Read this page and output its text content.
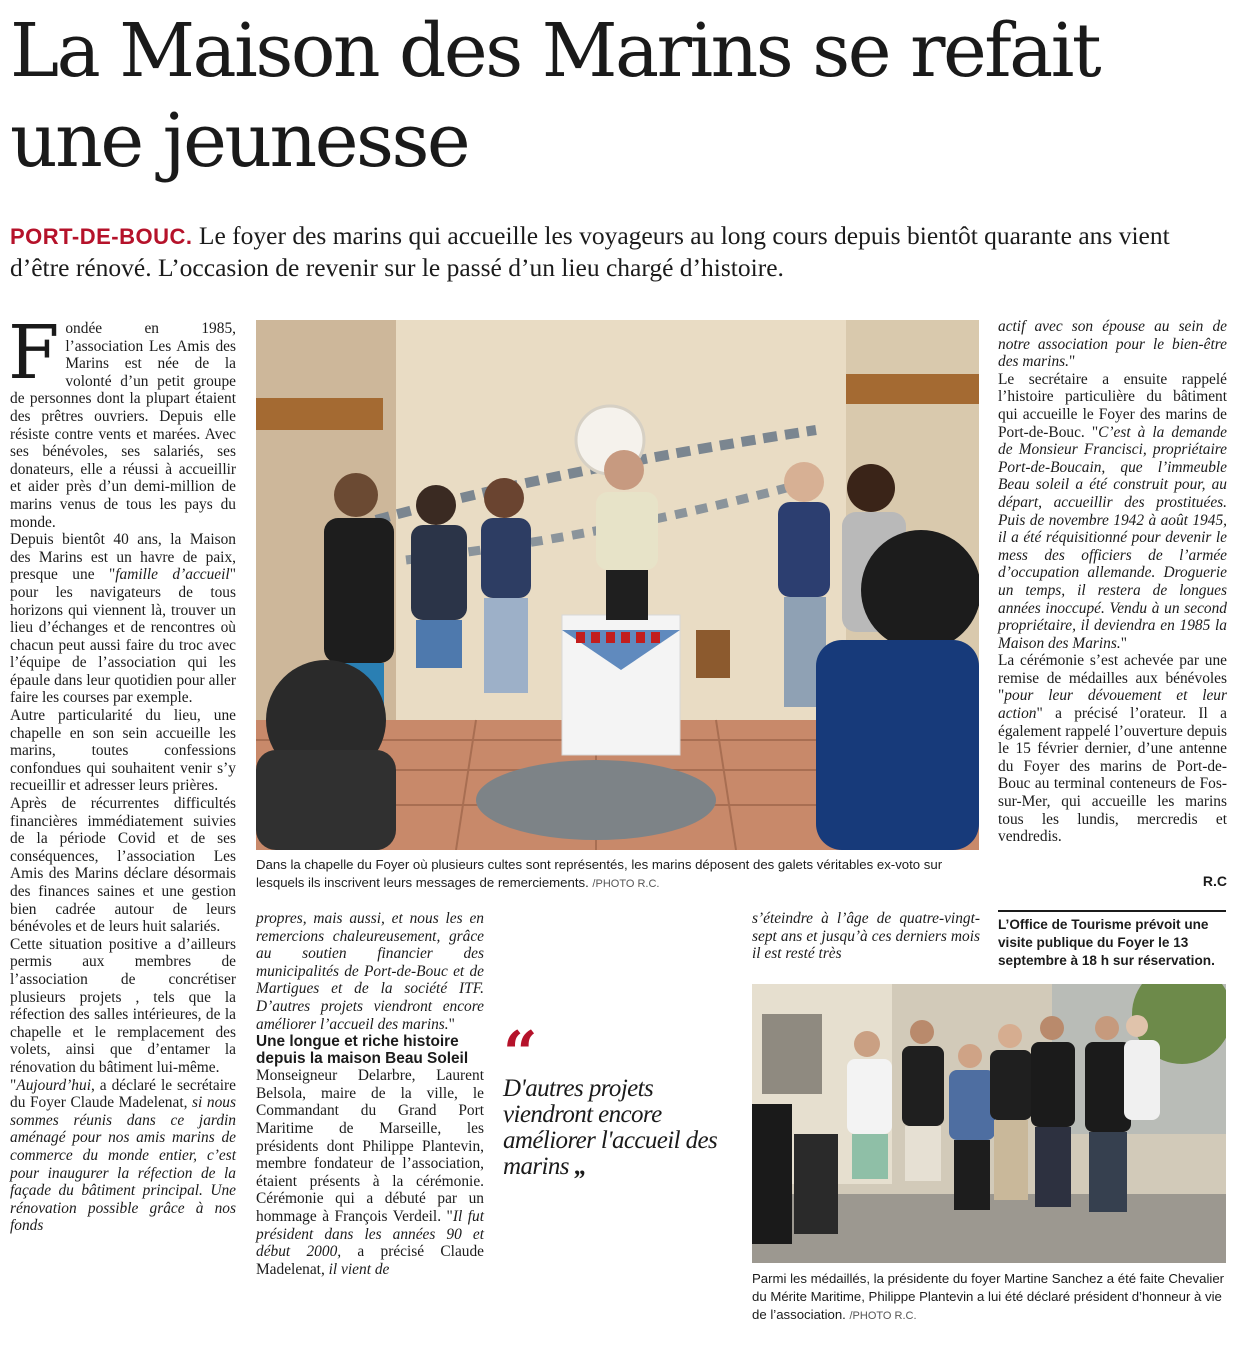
La Maison des Marins se refait une jeunesse

PORT-DE-BOUC. Le foyer des marins qui accueille les voyageurs au long cours depuis bientôt quarante ans vient d’être rénové. L’occasion de revenir sur le passé d’un lieu chargé d’histoire.

Fondée en 1985, l’association Les Amis des Marins est née de la volonté d’un petit groupe de personnes dont la plupart étaient des prêtres ouvriers. Depuis elle résiste contre vents et marées. Avec ses bénévoles, ses salariés, ses donateurs, elle a réussi à accueillir et aider près d’un demi-million de marins venus de tous les pays du monde.

Depuis bientôt 40 ans, la Maison des Marins est un havre de paix, presque une "famille d’accueil" pour les navigateurs de tous horizons qui viennent là, trouver un lieu d’échanges et de rencontres où chacun peut aussi faire du troc avec l’équipe de l’association qui les épaule dans leur quotidien pour aller faire les courses par exemple.

Autre particularité du lieu, une chapelle en son sein accueille les marins, toutes confessions confondues qui souhaitent venir s’y recueillir et adresser leurs prières.

Après de récurrentes difficultés financières immédiatement suivies de la période Covid et de ses conséquences, l’association Les Amis des Marins déclare désormais des finances saines et une gestion bien cadrée autour de leurs bénévoles et de leurs huit salariés.

Cette situation positive a d’ailleurs permis aux membres de l’association de concrétiser plusieurs projets , tels que la réfection des salles intérieures, de la chapelle et le remplacement des volets, ainsi que d’entamer la rénovation du bâtiment lui-même.

"Aujourd’hui, a déclaré le secrétaire du Foyer Claude Madelenat, si nous sommes réunis dans ce jardin aménagé pour nos amis marins de commerce du monde entier, c’est pour inaugurer la réfection de la façade du bâtiment principal. Une rénovation possible grâce à nos fonds

Dans la chapelle du Foyer où plusieurs cultes sont représentés, les marins déposent des galets véritables ex-voto sur lesquels ils inscrivent leurs messages de remerciements. /PHOTO R.C.

propres, mais aussi, et nous les en remercions chaleureusement, grâce au soutien financier des municipalités de Port-de-Bouc et de Martigues et de la société ITF. D’autres projets viendront encore améliorer l’accueil des marins."

Une longue et riche histoire depuis la maison Beau Soleil

Monseigneur Delarbre, Laurent Belsola, maire de la ville, le Commandant du Grand Port Maritime de Marseille, les présidents dont Philippe Plantevin, membre fondateur de l’association, étaient présents à la cérémonie. Cérémonie qui a débuté par un hommage à François Verdeil. "Il fut président dans les années 90 et début 2000, a précisé Claude Madelenat, il vient de

“
D'autres projets viendront encore améliorer l'accueil des marins „

s’éteindre à l’âge de quatre-vingt-sept ans et jusqu’à ces derniers mois il est resté très

actif avec son épouse au sein de notre association pour le bien-être des marins."

Le secrétaire a ensuite rappelé l’histoire particulière du bâtiment qui accueille le Foyer des marins de Port-de-Bouc. "C’est à la demande de Monsieur Francisci, propriétaire Port-de-Boucain, que l’immeuble Beau soleil a été construit pour, au départ, accueillir des prostituées. Puis de novembre 1942 à août 1945, il a été réquisitionné pour devenir le mess des officiers de l’armée d’occupation allemande. Droguerie un temps, il restera de longues années inoccupé. Vendu à un second propriétaire, il deviendra en 1985 la Maison des Marins."

La cérémonie s’est achevée par une remise de médailles aux bénévoles "pour leur dévouement et leur action" a précisé l’orateur. Il a également rappelé l’ouverture depuis le 15 février dernier, d’une antenne du Foyer des marins de Port-de-Bouc au terminal conteneurs de Fos-sur-Mer, qui accueille les marins tous les lundis, mercredis et vendredis.

R.C
L’Office de Tourisme prévoit une visite publique du Foyer le 13 septembre à 18 h sur réservation.
Parmi les médaillés, la présidente du foyer Martine Sanchez a été faite Chevalier du Mérite Maritime, Philippe Plantevin a lui été déclaré président d’honneur à vie de l’association. /PHOTO R.C.
